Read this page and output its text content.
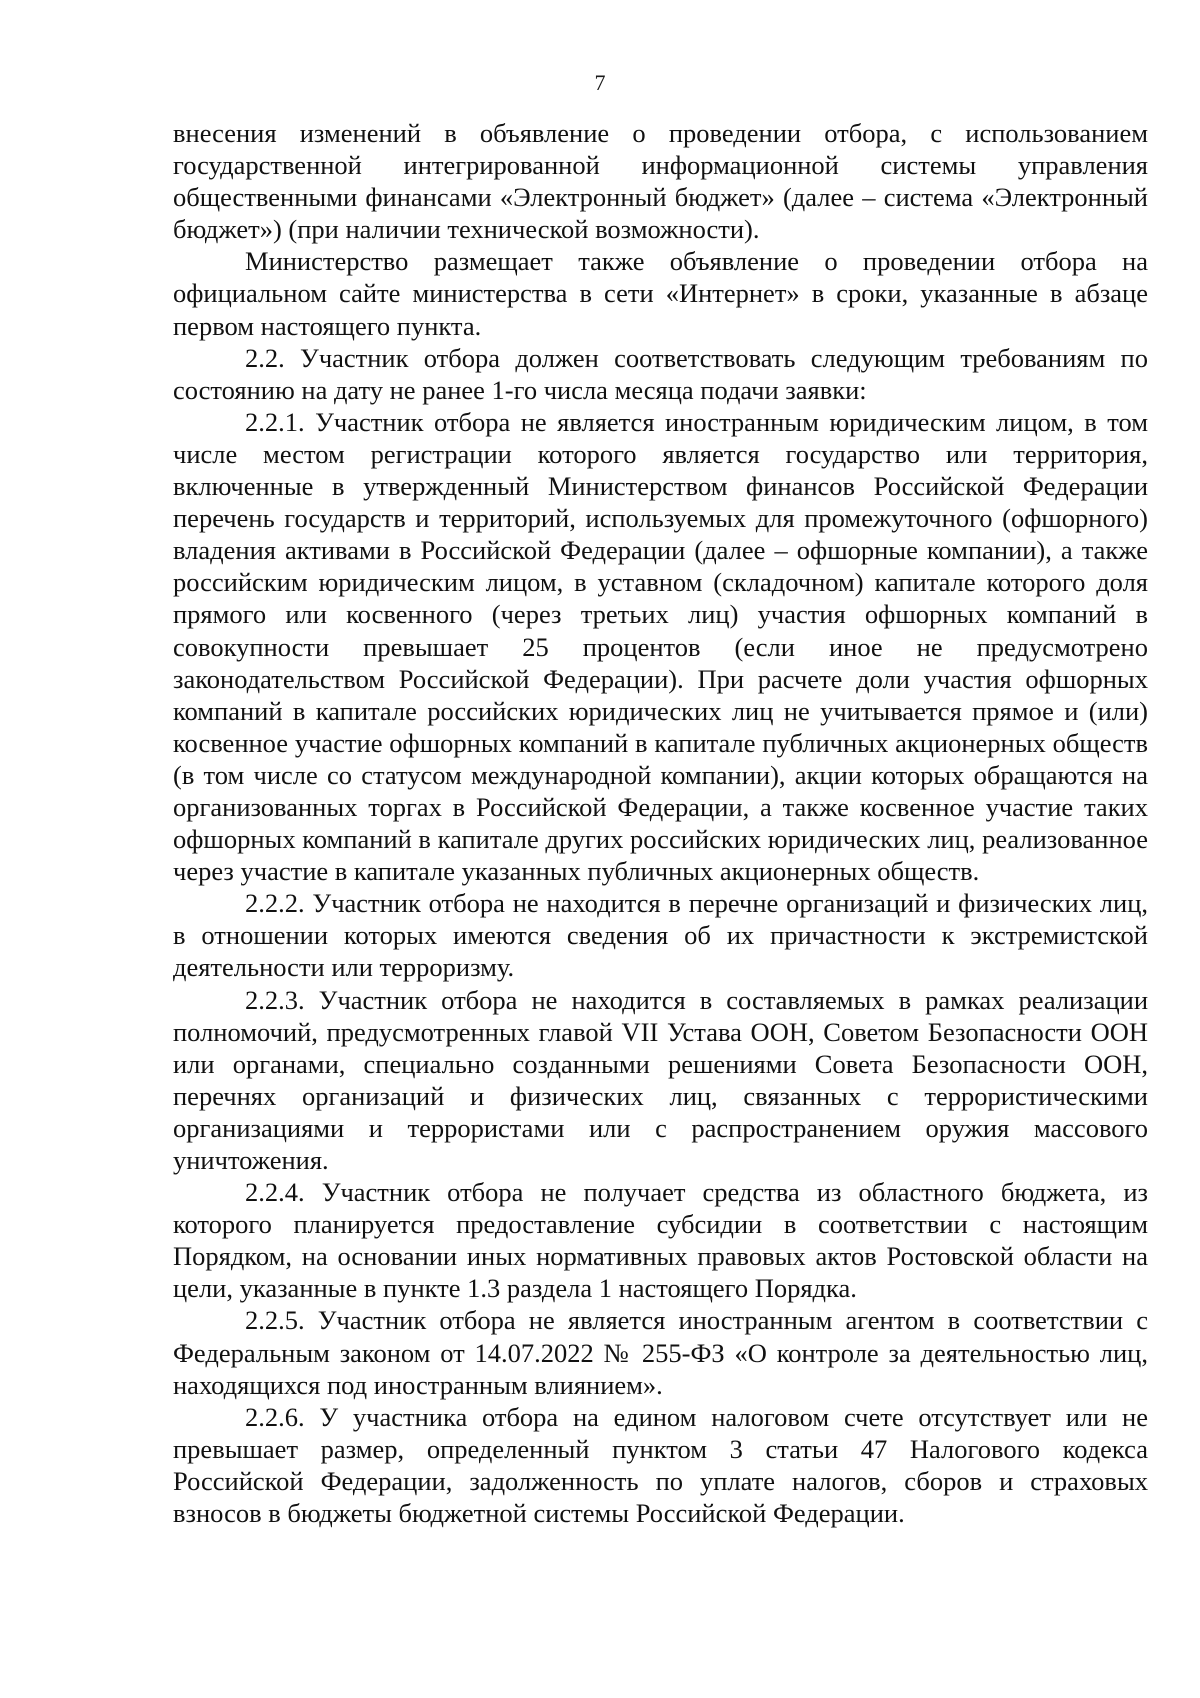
7

внесения изменений в объявление о проведении отбора, с использованием государственной интегрированной информационной системы управления общественными финансами «Электронный бюджет» (далее – система «Электронный бюджет») (при наличии технической возможности).

Министерство размещает также объявление о проведении отбора на официальном сайте министерства в сети «Интернет» в сроки, указанные в абзаце первом настоящего пункта.

2.2. Участник отбора должен соответствовать следующим требованиям по состоянию на дату не ранее 1-го числа месяца подачи заявки:

2.2.1. Участник отбора не является иностранным юридическим лицом, в том числе местом регистрации которого является государство или территория, включенные в утвержденный Министерством финансов Российской Федерации перечень государств и территорий, используемых для промежуточного (офшорного) владения активами в Российской Федерации (далее – офшорные компании), а также российским юридическим лицом, в уставном (складочном) капитале которого доля прямого или косвенного (через третьих лиц) участия офшорных компаний в совокупности превышает 25 процентов (если иное не предусмотрено законодательством Российской Федерации). При расчете доли участия офшорных компаний в капитале российских юридических лиц не учитывается прямое и (или) косвенное участие офшорных компаний в капитале публичных акционерных обществ (в том числе со статусом международной компании), акции которых обращаются на организованных торгах в Российской Федерации, а также косвенное участие таких офшорных компаний в капитале других российских юридических лиц, реализованное через участие в капитале указанных публичных акционерных обществ.

2.2.2. Участник отбора не находится в перечне организаций и физических лиц, в отношении которых имеются сведения об их причастности к экстремистской деятельности или терроризму.

2.2.3. Участник отбора не находится в составляемых в рамках реализации полномочий, предусмотренных главой VII Устава ООН, Советом Безопасности ООН или органами, специально созданными решениями Совета Безопасности ООН, перечнях организаций и физических лиц, связанных с террористическими организациями и террористами или с распространением оружия массового уничтожения.

2.2.4. Участник отбора не получает средства из областного бюджета, из которого планируется предоставление субсидии в соответствии с настоящим Порядком, на основании иных нормативных правовых актов Ростовской области на цели, указанные в пункте 1.3 раздела 1 настоящего Порядка.

2.2.5. Участник отбора не является иностранным агентом в соответствии с Федеральным законом от 14.07.2022 № 255-ФЗ «О контроле за деятельностью лиц, находящихся под иностранным влиянием».

2.2.6. У участника отбора на едином налоговом счете отсутствует или не превышает размер, определенный пунктом 3 статьи 47 Налогового кодекса Российской Федерации, задолженность по уплате налогов, сборов и страховых взносов в бюджеты бюджетной системы Российской Федерации.
